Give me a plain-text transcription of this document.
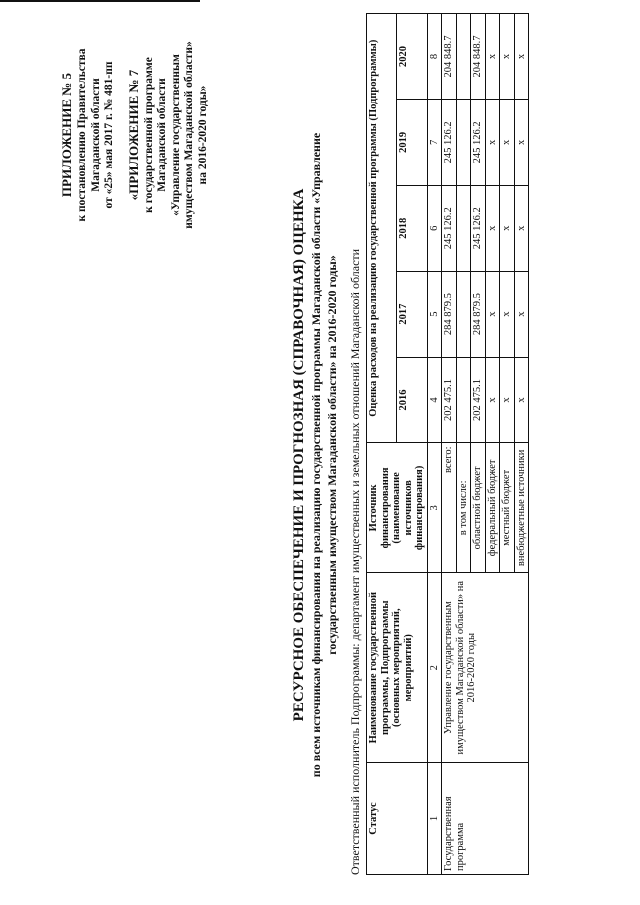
ПРИЛОЖЕНИЕ № 5 к постановлению Правительства Магаданской области от «25» мая 2017 г. № 481-пп «ПРИЛОЖЕНИЕ № 7 к государственной программе Магаданской области «Управление государственным имуществом Магаданской области» на 2016-2020 годы»
РЕСУРСНОЕ ОБЕСПЕЧЕНИЕ И ПРОГНОЗНАЯ (СПРАВОЧНАЯ) ОЦЕНКА по всем источникам финансирования на реализацию государственной программы Магаданской области «Управление государственным имуществом Магаданской области» на 2016-2020 годы» Ответственный исполнитель Подпрограммы: департамент имущественных и земельных отношений Магаданской области Статус	Наименование государственной программы, Подпрограммы (основных мероприятий, мероприятий)	Источник финансирования (наименование источников финансирования)	Оценка расходов на реализацию государственной программы (Подпрограммы)				
			2016	2017	2018	2019	2020
1	2	3	4	5	6	7	8
Государственная программа	Управление государственным имуществом Магаданской области» на 2016-2020 годы	всего:	202 475.1	284 879.5	245 126.2	245 126.2	204 848.7
		в том числе:					
		областной бюджет	202 475.1	284 879.5	245 126.2	245 126.2	204 848.7
		федеральный бюджет	х	х	х	х	х
		местный бюджет	х	х	х	х	х
		внебюджетные источники	х	х	х	х	х
